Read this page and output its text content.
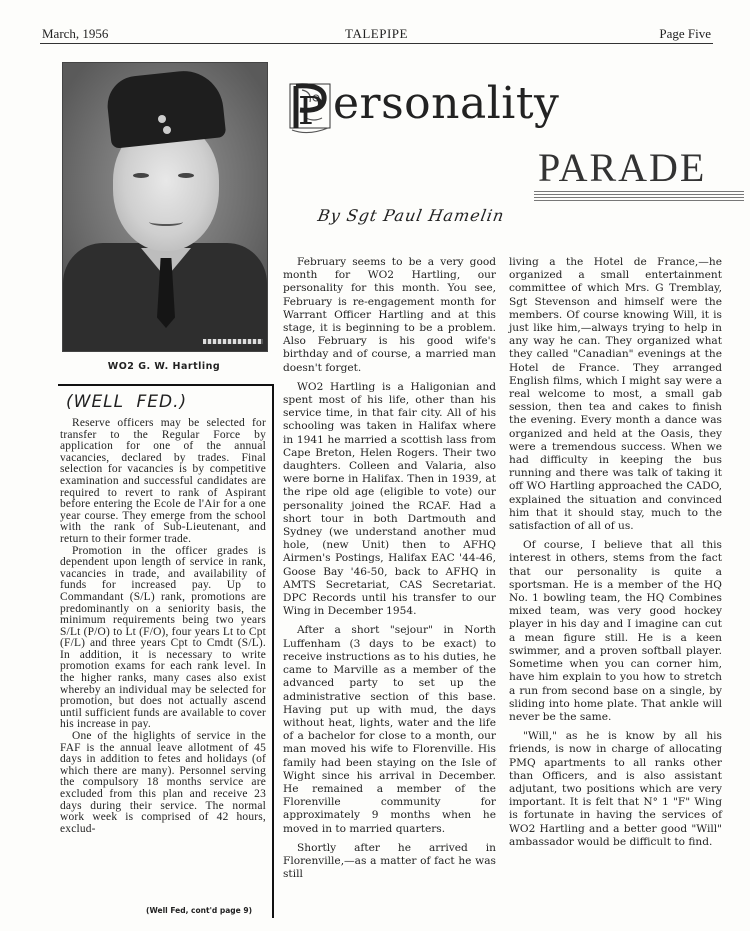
March, 1956	TALEPIPE	Page Five
WO2 G. W. Hartling
(WELL FED.)

Reserve officers may be selected for transfer to the Regular Force by application for one of the annual vacancies, declared by trades. Final selection for vacancies is by competitive examination and successful candidates are required to revert to rank of Aspirant before entering the Ecole de l'Air for a one year course. They emerge from the school with the rank of Sub-Lieutenant, and return to their former trade.

Promotion in the officer grades is dependent upon length of service in rank, vacancies in trade, and availability of funds for increased pay. Up to Commandant (S/L) rank, promotions are predominantly on a seniority basis, the minimum requirements being two years S/Lt (P/O) to Lt (F/O), four years Lt to Cpt (F/L) and three years Cpt to Cmdt (S/L). In addition, it is necessary to write promotion exams for each rank level. In the higher ranks, many cases also exist whereby an individual may be selected for promotion, but does not actually ascend until sufficient funds are available to cover his increase in pay.

One of the higlights of service in the FAF is the annual leave allotment of 45 days in addition to fetes and holidays (of which there are many). Personnel serving the compulsory 18 months service are excluded from this plan and receive 23 days during their service. The normal work week is comprised of 42 hours, exclud-

(Well Fed, cont'd page 9)
P ersonality
PARADE
By Sgt Paul Hamelin

February seems to be a very good month for WO2 Hartling, our personality for this month. You see, February is re-engagement month for Warrant Officer Hartling and at this stage, it is beginning to be a problem. Also February is his good wife's birthday and of course, a married man doesn't forget.

WO2 Hartling is a Haligonian and spent most of his life, other than his service time, in that fair city. All of his schooling was taken in Halifax where in 1941 he married a scottish lass from Cape Breton, Helen Rogers. Their two daughters. Colleen and Valaria, also were borne in Halifax. Then in 1939, at the ripe old age (eligible to vote) our personality joined the RCAF. Had a short tour in both Dartmouth and Sydney (we understand another mud hole, (new Unit) then to AFHQ Airmen's Postings, Halifax EAC '44-46, Goose Bay '46-50, back to AFHQ in AMTS Secretariat, CAS Secretariat. DPC Records until his transfer to our Wing in December 1954.

After a short "sejour" in North Luffenham (3 days to be exact) to receive instructions as to his duties, he came to Marville as a member of the advanced party to set up the administrative section of this base. Having put up with mud, the days without heat, lights, water and the life of a bachelor for close to a month, our man moved his wife to Florenville. His family had been staying on the Isle of Wight since his arrival in December. He remained a member of the Florenville community for approximately 9 months when he moved in to married quarters.

Shortly after he arrived in Florenville,—as a matter of fact he was still

living a the Hotel de France,—he organized a small entertainment committee of which Mrs. G Tremblay, Sgt Stevenson and himself were the members. Of course knowing Will, it is just like him,—always trying to help in any way he can. They organized what they called "Canadian" evenings at the Hotel de France. They arranged English films, which I might say were a real welcome to most, a small gab session, then tea and cakes to finish the evening. Every month a dance was organized and held at the Oasis, they were a tremendous success. When we had difficulty in keeping the bus running and there was talk of taking it off WO Hartling approached the CADO, explained the situation and convinced him that it should stay, much to the satisfaction of all of us.

Of course, I believe that all this interest in others, stems from the fact that our personality is quite a sportsman. He is a member of the HQ No. 1 bowling team, the HQ Combines mixed team, was very good hockey player in his day and I imagine can cut a mean figure still. He is a keen swimmer, and a proven softball player. Sometime when you can corner him, have him explain to you how to stretch a run from second base on a single, by sliding into home plate. That ankle will never be the same.

"Will," as he is know by all his friends, is now in charge of allocating PMQ apartments to all ranks other than Officers, and is also assistant adjutant, two positions which are very important. It is felt that N° 1 "F" Wing is fortunate in having the services of WO2 Hartling and a better good "Will" ambassador would be difficult to find.
